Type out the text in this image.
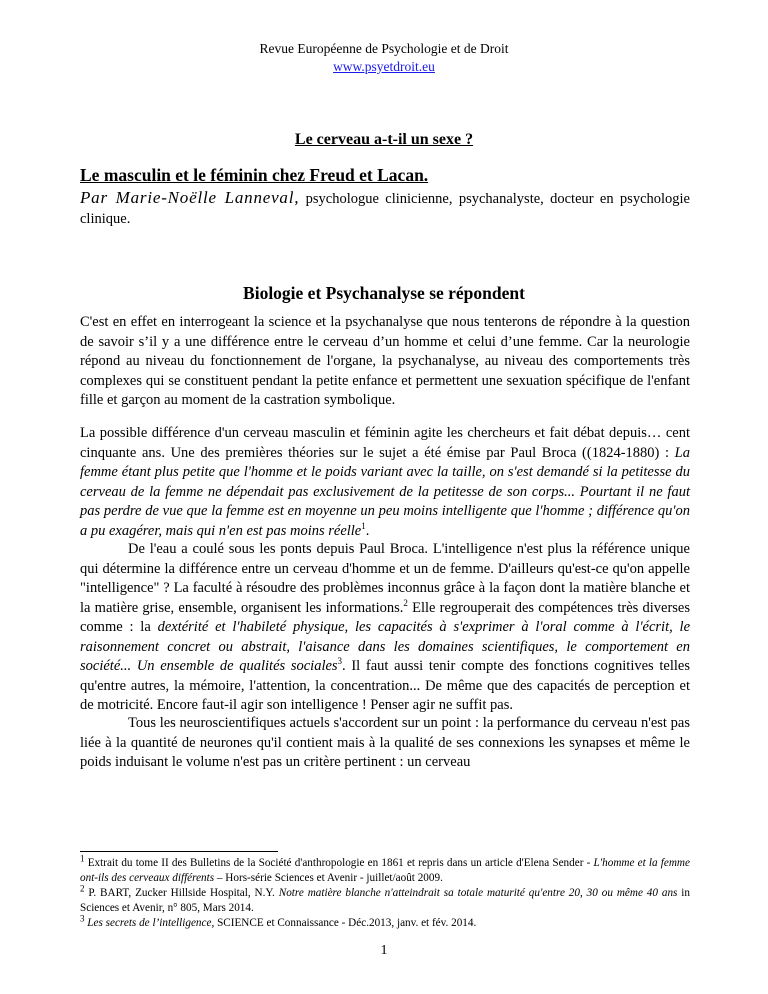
Revue Européenne de Psychologie et de Droit
www.psyetdroit.eu
Le cerveau a-t-il un sexe ?
Le masculin et le féminin chez Freud et Lacan.
Par Marie-Noëlle Lanneval, psychologue clinicienne, psychanalyste, docteur en psychologie clinique.
Biologie et Psychanalyse se répondent

C'est en effet en interrogeant la science et la psychanalyse que nous tenterons de répondre à la question de savoir s’il y a une différence entre le cerveau d’un homme et celui d’une femme. Car la neurologie répond au niveau du fonctionnement de l'organe, la psychanalyse, au niveau des comportements très complexes qui se constituent pendant la petite enfance et permettent une sexuation spécifique de l'enfant fille et garçon au moment de la castration symbolique.

La possible différence d'un cerveau masculin et féminin agite les chercheurs et fait débat depuis… cent cinquante ans. Une des premières théories sur le sujet a été émise par Paul Broca ((1824-1880) : La femme étant plus petite que l'homme et le poids variant avec la taille, on s'est demandé si la petitesse du cerveau de la femme ne dépendait pas exclusivement de la petitesse de son corps... Pourtant il ne faut pas perdre de vue que la femme est en moyenne un peu moins intelligente que l'homme ; différence qu'on a pu exagérer, mais qui n'en est pas moins réelle$^1$.

De l'eau a coulé sous les ponts depuis Paul Broca. L'intelligence n'est plus la référence unique qui détermine la différence entre un cerveau d'homme et un de femme. D'ailleurs qu'est-ce qu'on appelle "intelligence" ? La faculté à résoudre des problèmes inconnus grâce à la façon dont la matière blanche et la matière grise, ensemble, organisent les informations.$^2$ Elle regrouperait des compétences très diverses comme : la dextérité et l'habileté physique, les capacités à s'exprimer à l'oral comme à l'écrit, le raisonnement concret ou abstrait, l'aisance dans les domaines scientifiques, le comportement en société... Un ensemble de qualités sociales$^3$. Il faut aussi tenir compte des fonctions cognitives telles qu'entre autres, la mémoire, l'attention, la concentration... De même que des capacités de perception et de motricité. Encore faut-il agir son intelligence ! Penser agir ne suffit pas.

Tous les neuroscientifiques actuels s'accordent sur un point : la performance du cerveau n'est pas liée à la quantité de neurones qu'il contient mais à la qualité de ses connexions les synapses et même le poids induisant le volume n'est pas un critère pertinent : un cerveau

$^1$ Extrait du tome II des Bulletins de la Société d'anthropologie en 1861 et repris dans un article d'Elena Sender - L'homme et la femme ont-ils des cerveaux différents – Hors-série Sciences et Avenir - juillet/août 2009.

$^2$ P. BART, Zucker Hillside Hospital, N.Y. Notre matière blanche n'atteindrait sa totale maturité qu'entre 20, 30 ou même 40 ans in Sciences et Avenir, n° 805, Mars 2014.

$^3$ Les secrets de l’intelligence, SCIENCE et Connaissance - Déc.2013, janv. et fév. 2014.

1
